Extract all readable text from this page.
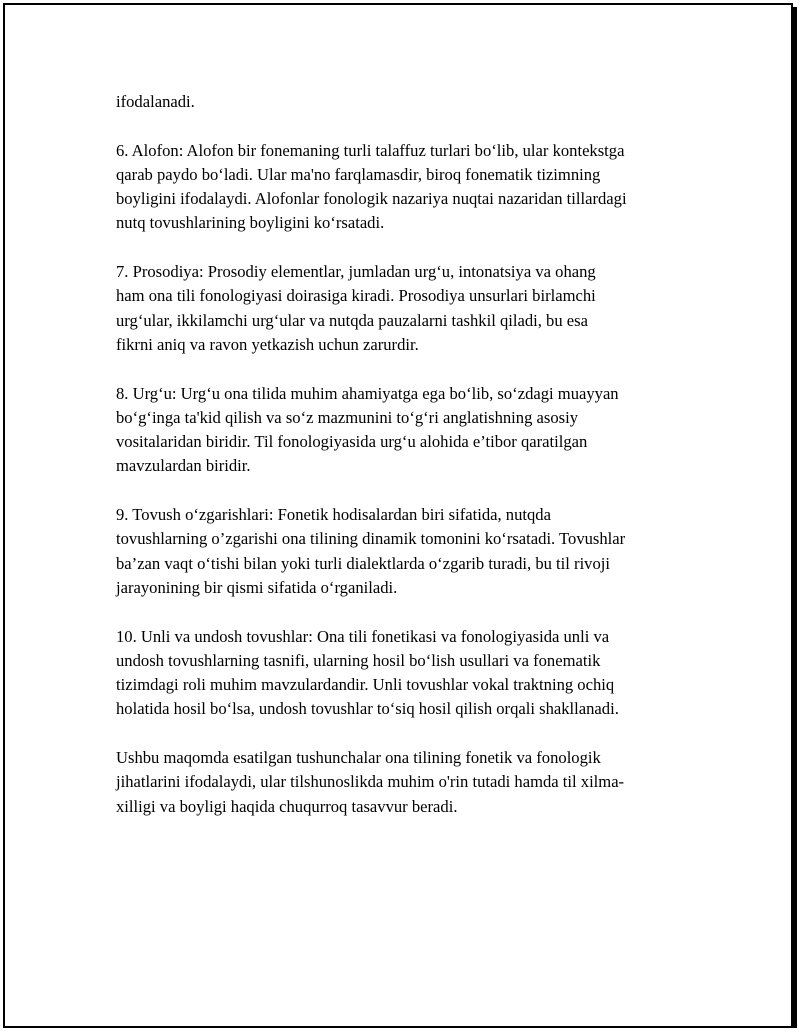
ifodalanadi.

6. Alofon: Alofon bir fonemaning turli talaffuz turlari bo‘lib, ular kontekstga
qarab paydo bo‘ladi. Ular ma'no farqlamasdir, biroq fonematik tizimning
boyligini ifodalaydi. Alofonlar fonologik nazariya nuqtai nazaridan tillardagi
nutq tovushlarining boyligini ko‘rsatadi.

7. Prosodiya: Prosodiy elementlar, jumladan urg‘u, intonatsiya va ohang
ham ona tili fonologiyasi doirasiga kiradi. Prosodiya unsurlari birlamchi
urg‘ular, ikkilamchi urg‘ular va nutqda pauzalarni tashkil qiladi, bu esa
fikrni aniq va ravon yetkazish uchun zarurdir.

8. Urg‘u: Urg‘u ona tilida muhim ahamiyatga ega bo‘lib, so‘zdagi muayyan
bo‘g‘inga ta'kid qilish va so‘z mazmunini to‘g‘ri anglatishning asosiy
vositalaridan biridir. Til fonologiyasida urg‘u alohida e’tibor qaratilgan
mavzulardan biridir.

9. Tovush o‘zgarishlari: Fonetik hodisalardan biri sifatida, nutqda
tovushlarning o’zgarishi ona tilining dinamik tomonini ko‘rsatadi. Tovushlar
ba’zan vaqt o‘tishi bilan yoki turli dialektlarda o‘zgarib turadi, bu til rivoji
jarayonining bir qismi sifatida o‘rganiladi.

10. Unli va undosh tovushlar: Ona tili fonetikasi va fonologiyasida unli va
undosh tovushlarning tasnifi, ularning hosil bo‘lish usullari va fonematik
tizimdagi roli muhim mavzulardandir. Unli tovushlar vokal traktning ochiq
holatida hosil bo‘lsa, undosh tovushlar to‘siq hosil qilish orqali shakllanadi.

Ushbu maqomda esatilgan tushunchalar ona tilining fonetik va fonologik
jihatlarini ifodalaydi, ular tilshunoslikda muhim o'rin tutadi hamda til xilma-
xilligi va boyligi haqida chuqurroq tasavvur beradi.
